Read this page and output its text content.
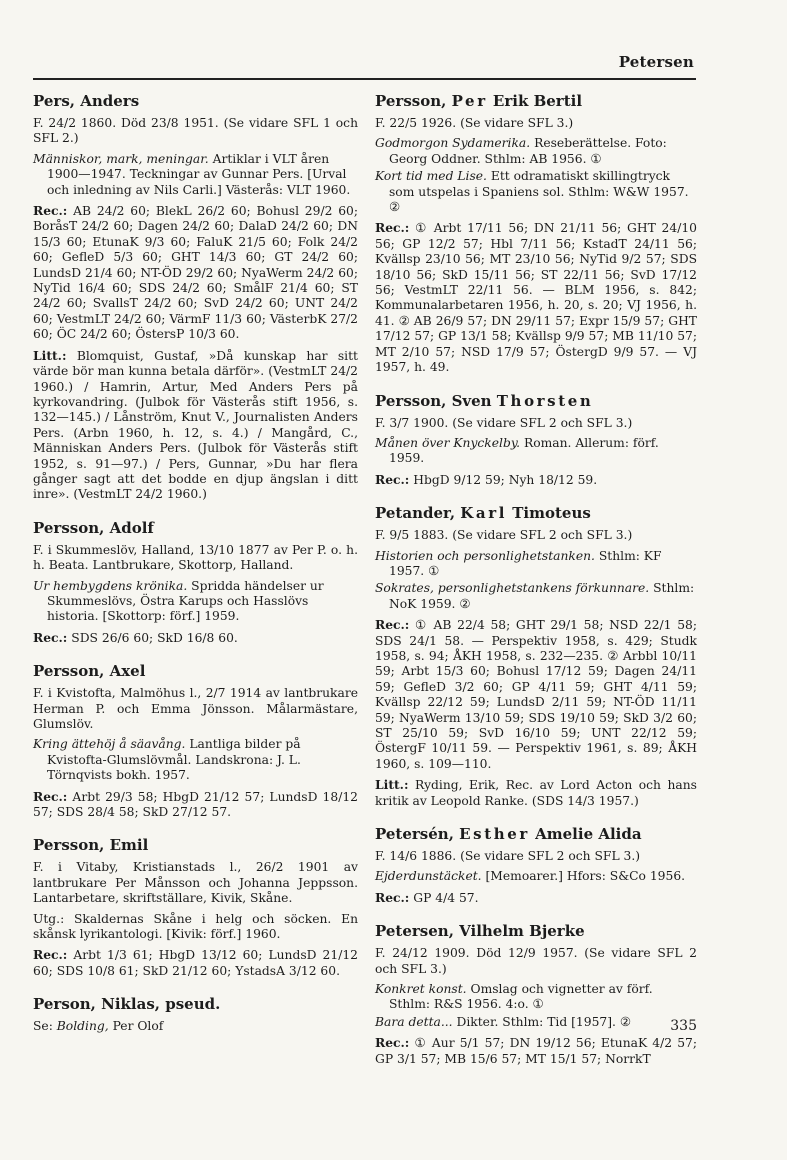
Petersen
Pers, Anders

F. 24/2 1860. Död 23/8 1951. (Se vidare SFL 1 och SFL 2.)

Människor, mark, meningar. Artiklar i VLT åren 1900—1947. Teckningar av Gunnar Pers. [Urval och inledning av Nils Carli.] Västerås: VLT 1960.

Rec.: AB 24/2 60; BlekL 26/2 60; Bohusl 29/2 60; BoråsT 24/2 60; Dagen 24/2 60; DalaD 24/2 60; DN 15/3 60; EtunaK 9/3 60; FaluK 21/5 60; Folk 24/2 60; GefleD 5/3 60; GHT 14/3 60; GT 24/2 60; LundsD 21/4 60; NT-ÖD 29/2 60; NyaWerm 24/2 60; NyTid 16/4 60; SDS 24/2 60; SmålF 21/4 60; ST 24/2 60; SvallsT 24/2 60; SvD 24/2 60; UNT 24/2 60; VestmLT 24/2 60; VärmF 11/3 60; VästerbK 27/2 60; ÖC 24/2 60; ÖstersP 10/3 60.

Litt.: Blomquist, Gustaf, »Då kunskap har sitt värde bör man kunna betala därför». (VestmLT 24/2 1960.) / Hamrin, Artur, Med Anders Pers på kyrkovandring. (Julbok för Västerås stift 1956, s. 132—145.) / Lånström, Knut V., Journalisten Anders Pers. (Arbn 1960, h. 12, s. 4.) / Mangård, C., Människan Anders Pers. (Julbok för Västerås stift 1952, s. 91—97.) / Pers, Gunnar, »Du har flera gånger sagt att det bodde en djup ängslan i ditt inre». (VestmLT 24/2 1960.)

Persson, Adolf

F. i Skummeslöv, Halland, 13/10 1877 av Per P. o. h. h. Beata. Lantbrukare, Skottorp, Halland.

Ur hembygdens krönika. Spridda händelser ur Skummeslövs, Östra Karups och Hasslövs historia. [Skottorp: förf.] 1959.

Rec.: SDS 26/6 60; SkD 16/8 60.

Persson, Axel

F. i Kvistofta, Malmöhus l., 2/7 1914 av lantbrukare Herman P. och Emma Jönsson. Målarmästare, Glumslöv.

Kring ättehöj å säavång. Lantliga bilder på Kvistofta-Glumslövmål. Landskrona: J. L. Törnqvists bokh. 1957.

Rec.: Arbt 29/3 58; HbgD 21/12 57; LundsD 18/12 57; SDS 28/4 58; SkD 27/12 57.

Persson, Emil

F. i Vitaby, Kristianstads l., 26/2 1901 av lantbrukare Per Månsson och Johanna Jeppsson. Lantarbetare, skriftställare, Kivik, Skåne.

Utg.: Skaldernas Skåne i helg och söcken. En skånsk lyrikantologi. [Kivik: förf.] 1960.

Rec.: Arbt 1/3 61; HbgD 13/12 60; LundsD 21/12 60; SDS 10/8 61; SkD 21/12 60; YstadsA 3/12 60.

Person, Niklas, pseud.

Se: Bolding, Per Olof

Persson, Per Erik Bertil

F. 22/5 1926. (Se vidare SFL 3.)

Godmorgon Sydamerika. Reseberättelse. Foto: Georg Oddner. Sthlm: AB 1956. ①

Kort tid med Lise. Ett odramatiskt skillingtryck som utspelas i Spaniens sol. Sthlm: W&W 1957. ②

Rec.: ① Arbt 17/11 56; DN 21/11 56; GHT 24/10 56; GP 12/2 57; Hbl 7/11 56; KstadT 24/11 56; Kvällsp 23/10 56; MT 23/10 56; NyTid 9/2 57; SDS 18/10 56; SkD 15/11 56; ST 22/11 56; SvD 17/12 56; VestmLT 22/11 56. — BLM 1956, s. 842; Kommunalarbetaren 1956, h. 20, s. 20; VJ 1956, h. 41. ② AB 26/9 57; DN 29/11 57; Expr 15/9 57; GHT 17/12 57; GP 13/1 58; Kvällsp 9/9 57; MB 11/10 57; MT 2/10 57; NSD 17/9 57; ÖstergD 9/9 57. — VJ 1957, h. 49.

Persson, Sven Thorsten

F. 3/7 1900. (Se vidare SFL 2 och SFL 3.)

Månen över Knyckelby. Roman. Allerum: förf. 1959.

Rec.: HbgD 9/12 59; Nyh 18/12 59.

Petander, Karl Timoteus

F. 9/5 1883. (Se vidare SFL 2 och SFL 3.)

Historien och personlighetstanken. Sthlm: KF 1957. ①

Sokrates, personlighetstankens förkunnare. Sthlm: NoK 1959. ②

Rec.: ① AB 22/4 58; GHT 29/1 58; NSD 22/1 58; SDS 24/1 58. — Perspektiv 1958, s. 429; Studk 1958, s. 94; ÅKH 1958, s. 232—235. ② Arbbl 10/11 59; Arbt 15/3 60; Bohusl 17/12 59; Dagen 24/11 59; GefleD 3/2 60; GP 4/11 59; GHT 4/11 59; Kvällsp 22/12 59; LundsD 2/11 59; NT-ÖD 11/11 59; NyaWerm 13/10 59; SDS 19/10 59; SkD 3/2 60; ST 25/10 59; SvD 16/10 59; UNT 22/12 59; ÖstergF 10/11 59. — Perspektiv 1961, s. 89; ÅKH 1960, s. 109—110.

Litt.: Ryding, Erik, Rec. av Lord Acton och hans kritik av Leopold Ranke. (SDS 14/3 1957.)

Petersén, Esther Amelie Alida

F. 14/6 1886. (Se vidare SFL 2 och SFL 3.)

Ejderdunstäcket. [Memoarer.] Hfors: S&Co 1956.

Rec.: GP 4/4 57.

Petersen, Vilhelm Bjerke

F. 24/12 1909. Död 12/9 1957. (Se vidare SFL 2 och SFL 3.)

Konkret konst. Omslag och vignetter av förf. Sthlm: R&S 1956. 4:o. ①

Bara detta... Dikter. Sthlm: Tid [1957]. ②

Rec.: ① Aur 5/1 57; DN 19/12 56; EtunaK 4/2 57; GP 3/1 57; MB 15/6 57; MT 15/1 57; NorrkT

335
